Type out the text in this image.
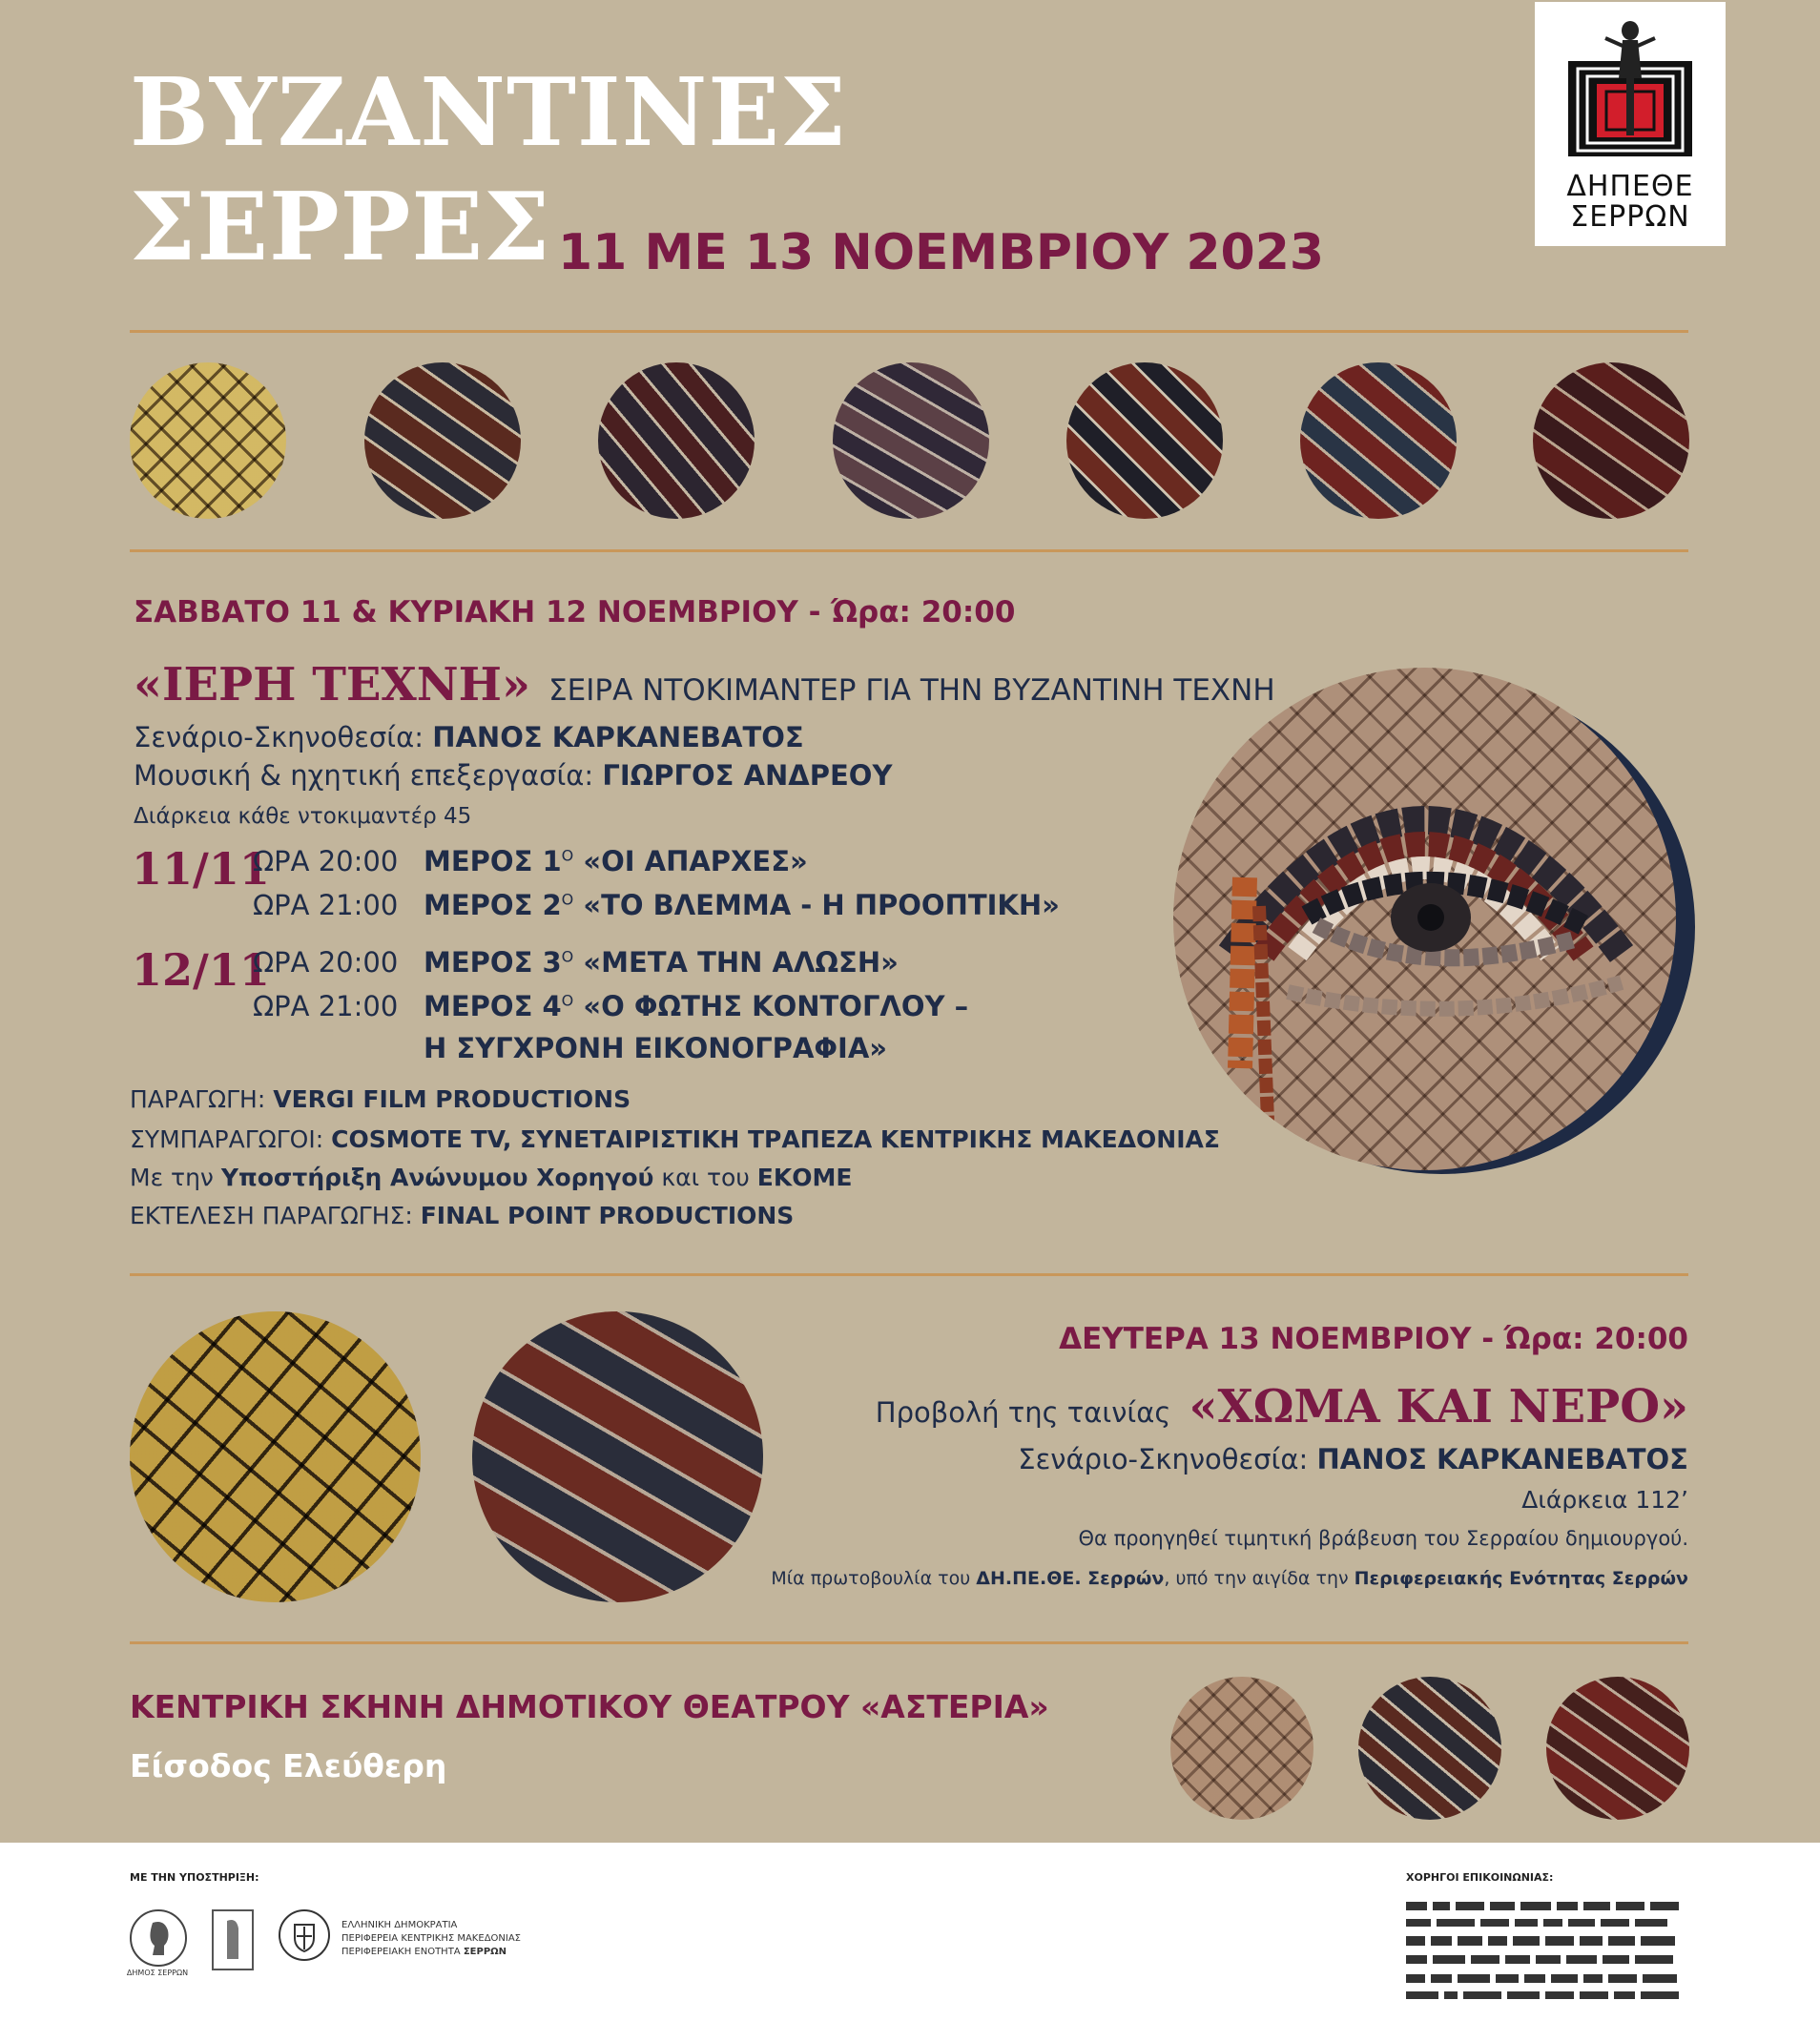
ΒΥΖΑΝΤΙΝΕΣ
ΣΕΡΡΕΣ 11 ΜΕ 13 ΝΟΕΜΒΡΙΟΥ 2023
ΔΗΠΕΘΕ
ΣΕΡΡΩΝ
ΣΑΒΒΑΤΟ 11 & ΚΥΡΙΑΚΗ 12 ΝΟΕΜΒΡΙΟΥ - Ώρα: 20:00
«ΙΕΡΗ ΤΕΧΝΗ» ΣΕΙΡΑ ΝΤΟΚΙΜΑΝΤΕΡ ΓΙΑ ΤΗΝ ΒΥΖΑΝΤΙΝΗ ΤΕΧΝΗ
Σενάριο-Σκηνοθεσία: ΠΑΝΟΣ ΚΑΡΚΑΝΕΒΑΤΟΣ
Μουσική & ηχητική επεξεργασία: ΓΙΩΡΓΟΣ ΑΝΔΡΕΟΥ
Διάρκεια κάθε ντοκιμαντέρ 45
11/11
ΩΡΑ 20:00 ΜΕΡΟΣ $1^O$ «ΟΙ ΑΠΑΡΧΕΣ»
ΩΡΑ 21:00 ΜΕΡΟΣ $2^O$ «ΤΟ ΒΛΕΜΜΑ - Η ΠΡΟΟΠΤΙΚΗ»
12/11
ΩΡΑ 20:00 ΜΕΡΟΣ $3^O$ «ΜΕΤΑ ΤΗΝ ΑΛΩΣΗ»
ΩΡΑ 21:00 ΜΕΡΟΣ $4^O$ «Ο ΦΩΤΗΣ ΚΟΝΤΟΓΛΟΥ –
Η ΣΥΓΧΡΟΝΗ ΕΙΚΟΝΟΓΡΑΦΙΑ»
ΠΑΡΑΓΩΓΗ: VERGI FILM PRODUCTIONS
ΣΥΜΠΑΡΑΓΩΓΟΙ: COSMOTE TV, ΣΥΝΕΤΑΙΡΙΣΤΙΚΗ ΤΡΑΠΕΖΑ ΚΕΝΤΡΙΚΗΣ ΜΑΚΕΔΟΝΙΑΣ
Με την Υποστήριξη Ανώνυμου Χορηγού και του ΕΚΟΜΕ
ΕΚΤΕΛΕΣΗ ΠΑΡΑΓΩΓΗΣ: FINAL POINT PRODUCTIONS
ΔΕΥΤΕΡΑ 13 ΝΟΕΜΒΡΙΟΥ - Ώρα: 20:00
Προβολή της ταινίας «ΧΩΜΑ ΚΑΙ ΝΕΡΟ»
Σενάριο-Σκηνοθεσία: ΠΑΝΟΣ ΚΑΡΚΑΝΕΒΑΤΟΣ
Διάρκεια 112’
Θα προηγηθεί τιμητική βράβευση του Σερραίου δημιουργού.
Μία πρωτοβουλία του ΔΗ.ΠΕ.ΘΕ. Σερρών, υπό την αιγίδα την Περιφερειακής Ενότητας Σερρών
ΚΕΝΤΡΙΚΗ ΣΚΗΝΗ ΔΗΜΟΤΙΚΟΥ ΘΕΑΤΡΟΥ «ΑΣΤΕΡΙΑ»
Είσοδος Ελεύθερη
ΜΕ ΤΗΝ ΥΠΟΣΤΗΡΙΞΗ:
ΔΗΜΟΣ ΣΕΡΡΩΝ
ΕΛΛΗΝΙΚΗ ΔΗΜΟΚΡΑΤΙΑ
ΠΕΡΙΦΕΡΕΙΑ ΚΕΝΤΡΙΚΗΣ ΜΑΚΕΔΟΝΙΑΣ
ΠΕΡΙΦΕΡΕΙΑΚΗ ΕΝΟΤΗΤΑ ΣΕΡΡΩΝ
ΧΟΡΗΓΟΙ ΕΠΙΚΟΙΝΩΝΙΑΣ:
